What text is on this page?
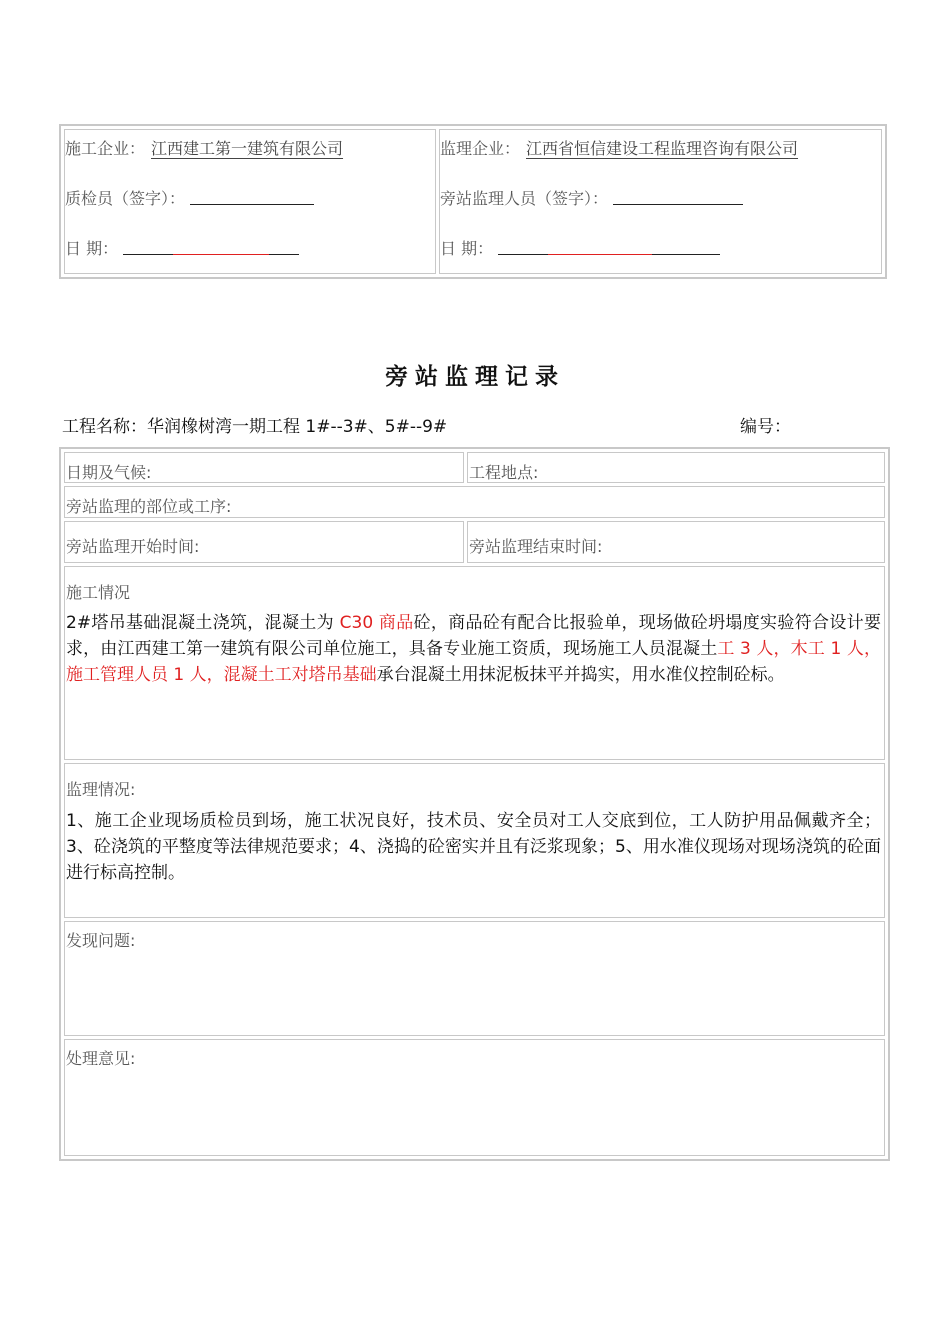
施工企业： 江西建工第一建筑有限公司
质检员（签字）：
日 期：
监理企业： 江西省恒信建设工程监理咨询有限公司
旁站监理人员（签字）：
日 期：
旁站监理记录
工程名称：华润橡树湾一期工程 1#--3#、5#--9#	编号：
日期及气候:	工程地点:
旁站监理的部位或工序:
旁站监理开始时间:	旁站监理结束时间:
施工情况
2#塔吊基础混凝土浇筑，混凝土为 C30 商品砼，商品砼有配合比报验单，现场做砼坍塌度实验符合设计要求，由江西建工第一建筑有限公司单位施工，具备专业施工资质，现场施工人员混凝土工 3 人，木工 1 人，施工管理人员 1 人，混凝土工对塔吊基础承台混凝土用抹泥板抹平并捣实，用水准仪控制砼标。
监理情况:
1、施工企业现场质检员到场，施工状况良好，技术员、安全员对工人交底到位，工人防护用品佩戴齐全；3、砼浇筑的平整度等法律规范要求；4、浇捣的砼密实并且有泛浆现象；5、用水准仪现场对现场浇筑的砼面进行标高控制。
发现问题:
处理意见:
